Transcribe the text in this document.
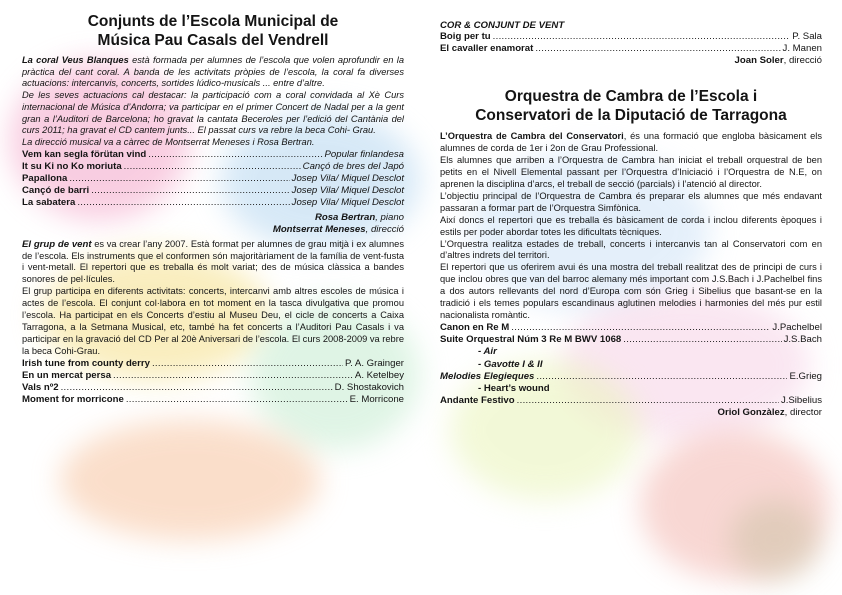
Conjunts de l’Escola Municipal de

Música Pau Casals del Vendrell

La coral Veus Blanques està formada per alumnes de l’escola que volen aprofundir en la pràctica del cant coral. A banda de les activitats pròpies de l’escola, la coral fa diverses actuacions: intercanvis, concerts, sortides lúdico-musicals ... entre d’altre.

De les seves actuacions cal destacar: la participació com a coral convidada al Xè Curs internacional de Música d’Andorra; va participar en el primer Concert de Nadal per a la gent gran a l’Auditori de Barcelona; ho gravat la cantata Beceroles per l’edició del Cantània del curs 2011; ha gravat el CD cantem junts... El passat curs va rebre la beca Cohi- Grau.

La direcció musical va a càrrec de Montserrat Meneses i Rosa Bertran.

Vem kan segla förütan vind .....	Popular finlandesa
It su Ki no Ko moriuta .....	Cançó de bres del Japó
Papallona .....	Josep Vila/ Miquel Desclot
Cançó de barri .....	Josep Vila/ Miquel Desclot
La sabatera .....	Josep Vila/ Miquel Desclot
Rosa Bertran, piano
Montserrat Meneses, direcció

El grup de vent es va crear l’any 2007. Està format per alumnes de grau mitjà i ex alumnes de l’escola. Els instruments que el conformen són majoritàriament de la família de vent-fusta i vent-metall. El repertori que es treballa és molt variat; des de música clàssica a bandes sonores de pel·lícules.

El grup participa en diferents activitats: concerts, intercanvi amb altres escoles de música i actes de l’escola. El conjunt col·labora en tot moment en la tasca divulgativa que promou l’escola. Ha participat en els Concerts d’estiu al Museu Deu, el cicle de concerts a Caixa Tarragona, a la Setmana Musical, etc, també ha fet concerts a l’Auditori Pau Casals i va participar en la gravació del CD Per al 20è Aniversari de l’escola. El curs 2008-2009 va rebre la beca Cohi-Grau.

Irish tune from county derry .....	P. A. Grainger
En un mercat persa .....	A. Ketelbey
Vals nº2 .....	D. Shostakovich
Moment for morricone .....	E. Morricone
COR & CONJUNT DE VENT
Boig per tu .....	P. Sala
El cavaller enamorat .....	J. Manen
Joan Soler, direcció

Orquestra de Cambra de l’Escola i

Conservatori de la Diputació de Tarragona

L’Orquestra de Cambra del Conservatori, és una formació que engloba bàsicament els alumnes de corda de 1er i 2on de Grau Professional.

Els alumnes que arriben a l’Orquestra de Cambra han iniciat el treball orquestral de ben petits en el Nivell Elemental passant per l’Orquestra d’Iniciació i l’Orquestra de N.E, on aprenen la disciplina d’arcs, el treball de secció (parcials) i l’atenció al director.

L’objectiu principal de l’Orquestra de Cambra és preparar els alumnes que més endavant passaran a formar part de l’Orquestra Simfònica.

Així doncs el repertori que es treballa és bàsicament de corda i inclou diferents èpoques i estils per poder abordar totes les dificultats tècniques.

L’Orquestra realitza estades de treball, concerts i intercanvis tan al Conservatori com en d’altres indrets del territori.

El repertori que us oferirem avui és una mostra del treball realitzat des de principi de curs i que inclou obres que van del barroc alemany més important com J.S.Bach i J.Pachelbel fins a dos autors rellevants del nord d’Europa com són Grieg i Sibelius que basant-se en la tradició i els temes populars escandinaus aglutinen melodies i harmonies del més pur estil nacionalista romàntic.

Canon en Re M .....	J.Pachelbel
Suite Orquestral Núm 3 Re M BWV 1068 .....	J.S.Bach
- Air
- Gavotte I & II
Melodies Elegieques .....	E.Grieg
- Heart’s wound
Andante Festivo .....	J.Sibelius
Oriol Gonzàlez, director
